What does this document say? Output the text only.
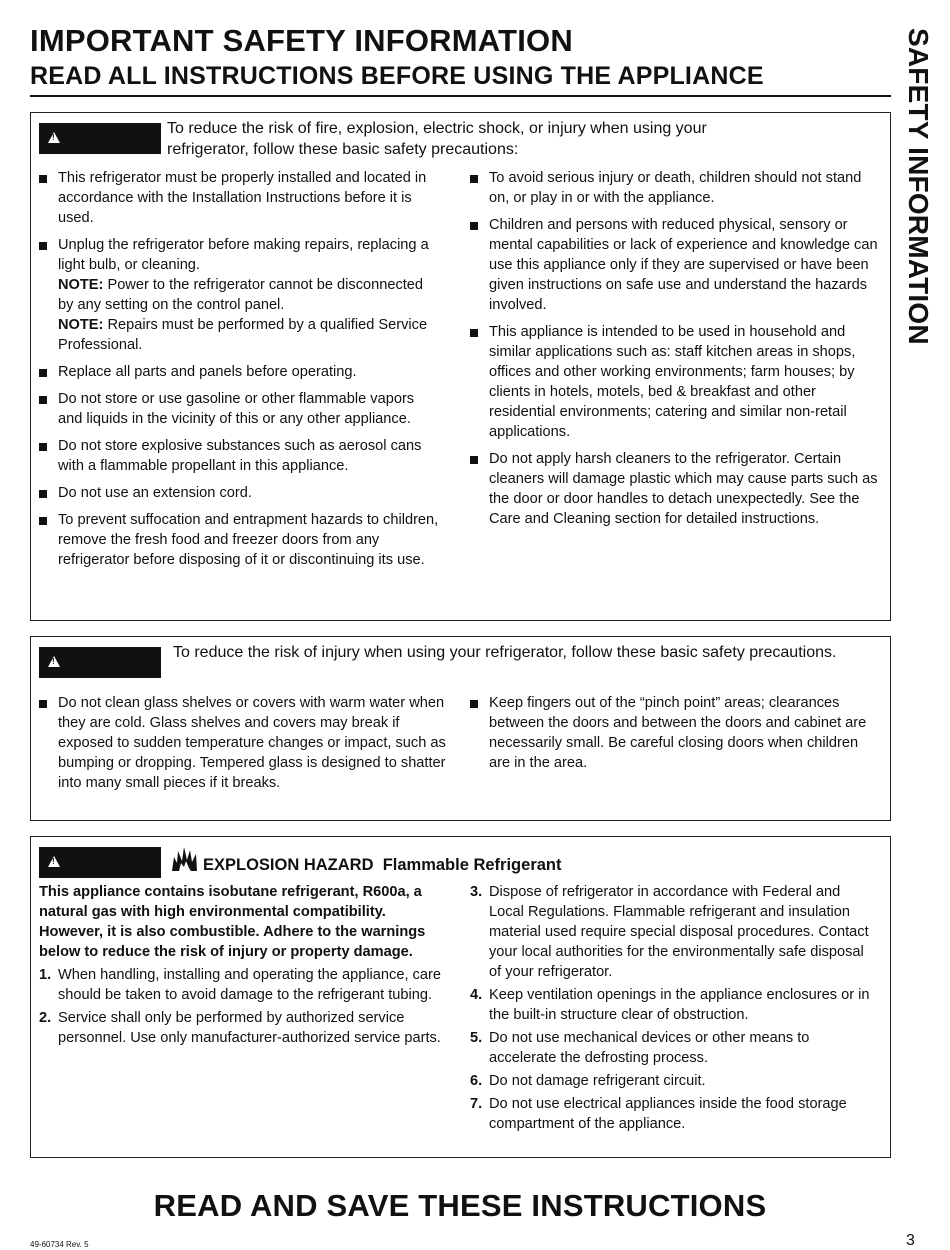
IMPORTANT SAFETY INFORMATION
READ ALL INSTRUCTIONS BEFORE USING THE APPLIANCE	SAFETY INFORMATION
!
To reduce the risk of fire, explosion, electric shock, or injury when using your refrigerator, follow these basic safety precautions:
This refrigerator must be properly installed and located in accordance with the Installation Instructions before it is used.
Unplug the refrigerator before making repairs, replacing a light bulb, or cleaning.
NOTE: Power to the refrigerator cannot be disconnected by any setting on the control panel.
NOTE: Repairs must be performed by a qualified Service Professional.
Replace all parts and panels before operating.
Do not store or use gasoline or other flammable vapors and liquids in the vicinity of this or any other appliance.
Do not store explosive substances such as aerosol cans with a flammable propellant in this appliance.
Do not use an extension cord.
To prevent suffocation and entrapment hazards to children, remove the fresh food and freezer doors from any refrigerator before disposing of it or discontinuing its use.
To avoid serious injury or death, children should not stand on, or play in or with the appliance.
Children and persons with reduced physical, sensory or mental capabilities or lack of experience and knowledge can use this appliance only if they are supervised or have been given instructions on safe use and understand the hazards involved.
This appliance is intended to be used in household and similar applications such as: staff kitchen areas in shops, offices and other working environments; farm houses; by clients in hotels, motels, bed & breakfast and other residential environments; catering and similar non-retail applications.
Do not apply harsh cleaners to the refrigerator. Certain cleaners will damage plastic which may cause parts such as the door or door handles to detach unexpectedly. See the Care and Cleaning section for detailed instructions.
!
To reduce the risk of injury when using your refrigerator, follow these basic safety precautions.
Do not clean glass shelves or covers with warm water when they are cold. Glass shelves and covers may break if exposed to sudden temperature changes or impact, such as bumping or dropping. Tempered glass is designed to shatter into many small pieces if it breaks.
Keep fingers out of the “pinch point” areas; clearances between the doors and between the doors and cabinet are necessarily small. Be careful closing doors when children are in the area.
!
EXPLOSION HAZARD Flammable Refrigerant
This appliance contains isobutane refrigerant, R600a, a natural gas with high environmental compatibility. However, it is also combustible. Adhere to the warnings below to reduce the risk of injury or property damage.
1. When handling, installing and operating the appliance, care should be taken to avoid damage to the refrigerant tubing.
2. Service shall only be performed by authorized service personnel. Use only manufacturer-authorized service parts.
3. Dispose of refrigerator in accordance with Federal and Local Regulations. Flammable refrigerant and insulation material used require special disposal procedures. Contact your local authorities for the environmentally safe disposal of your refrigerator.
4. Keep ventilation openings in the appliance enclosures or in the built-in structure clear of obstruction.
5. Do not use mechanical devices or other means to accelerate the defrosting process.
6. Do not damage refrigerant circuit.
7. Do not use electrical appliances inside the food storage compartment of the appliance.
READ AND SAVE THESE INSTRUCTIONS
49-60734 Rev. 5	3
